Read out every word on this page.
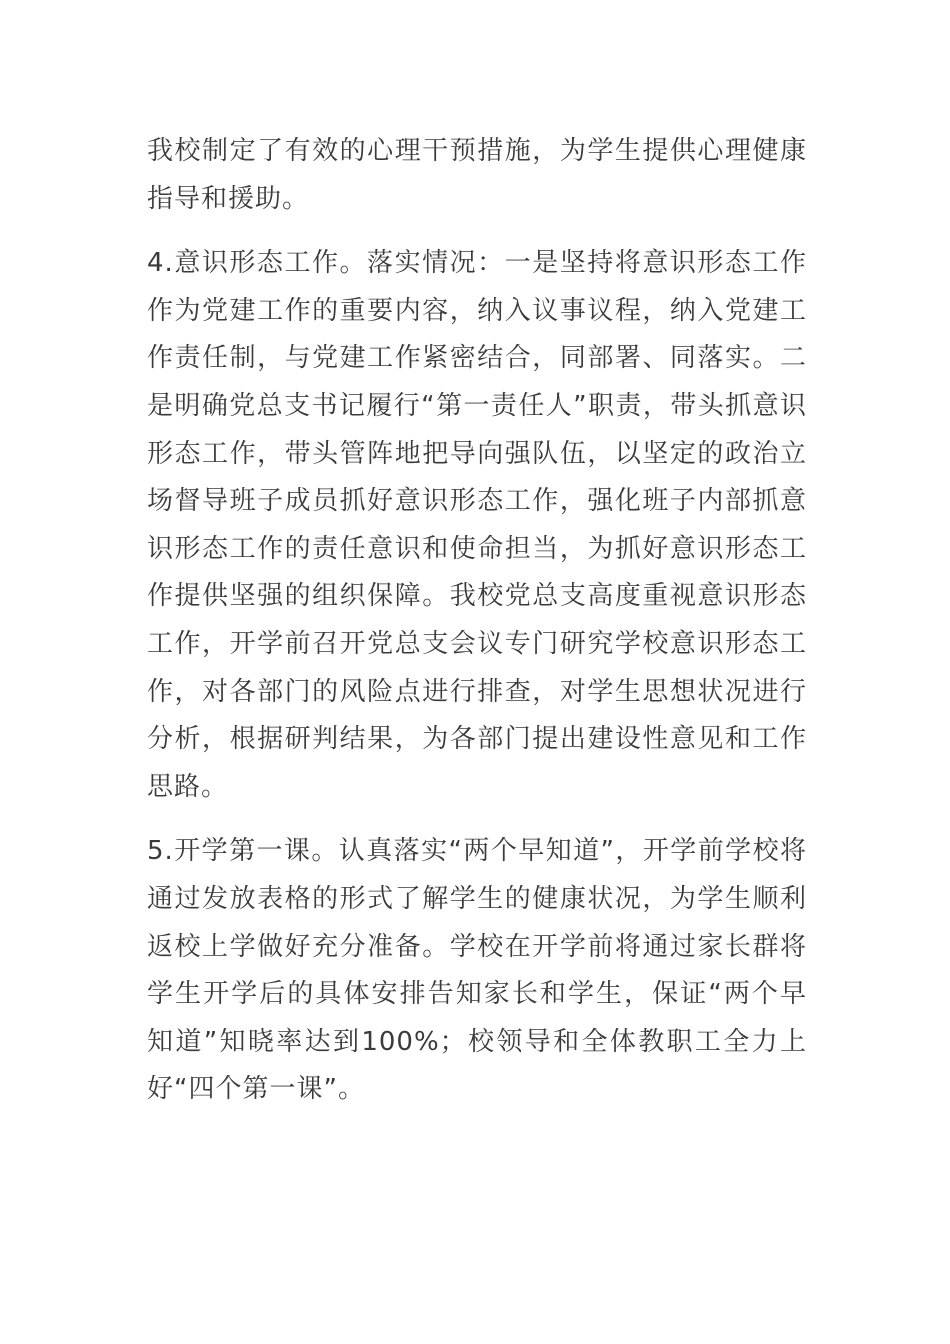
我校制定了有效的心理干预措施，为学生提供心理健康指导和援助。

4.意识形态工作。落实情况：一是坚持将意识形态工作作为党建工作的重要内容，纳入议事议程，纳入党建工作责任制，与党建工作紧密结合，同部署、同落实。二是明确党总支书记履行“第一责任人”职责，带头抓意识形态工作，带头管阵地把导向强队伍，以坚定的政治立场督导班子成员抓好意识形态工作，强化班子内部抓意识形态工作的责任意识和使命担当，为抓好意识形态工作提供坚强的组织保障。我校党总支高度重视意识形态工作，开学前召开党总支会议专门研究学校意识形态工作，对各部门的风险点进行排查，对学生思想状况进行分析，根据研判结果，为各部门提出建设性意见和工作思路。

5.开学第一课。认真落实“两个早知道”，开学前学校将通过发放表格的形式了解学生的健康状况，为学生顺利返校上学做好充分准备。学校在开学前将通过家长群将学生开学后的具体安排告知家长和学生，保证“两个早知道”知晓率达到100%；校领导和全体教职工全力上好“四个第一课”。
